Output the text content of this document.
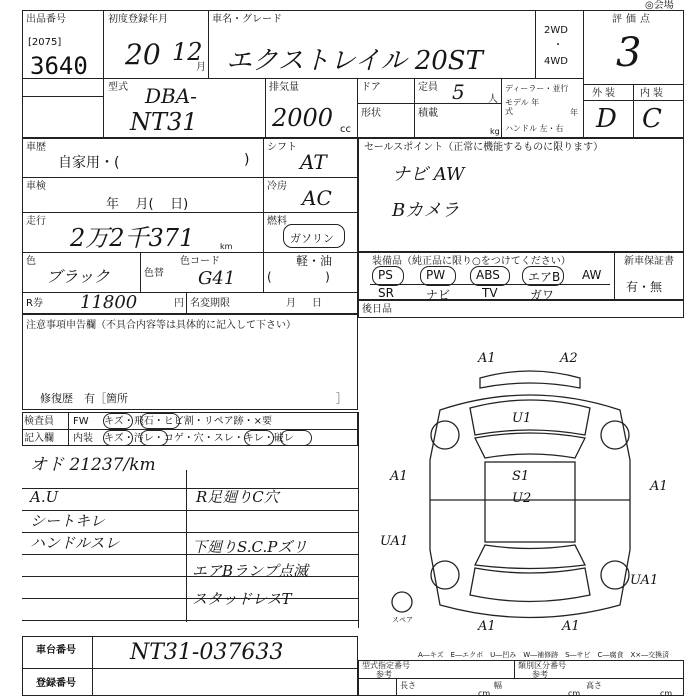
出品番号
[2075]
3640
初度登録年月
20 12
月
車名・グレード
エクストレイル 20ST
2WD
・
4WD
評価点
3
◎会場
型式 DBA-
NT31
排気量
2000 cc
ドア	定員 5 人
形状	積載
kg
ディーラー・並行
モデル 年式	年
ハンドル 左・右
外装 内装
D C
車歴
自家用・(	)
車検
年    月(    日)
走行
2万2千371	km
シフト
AT
冷房 AC
燃料
ガソリン
軽・油
(              )
色
ブラック	色替
色コード
G41
R券 11800	円 名変期限	月     日
セールスポイント（正常に機能するものに限ります）
ナビ AW
Bカメラ
装備品（純正品に限り○をつけてください）	新車保証書
有・無
PS	PW	ABS エアB AW
SR	ナビ	TV	ガワ
後日品
注意事項申告欄（不具合内容等は具体的に記入して下さい）
修復歴　有［箇所	］
検査員 FW キズ・飛石・ヒビ割・リペア跡・×要
記入欄 内装 キズ・汚レ・コゲ・穴・スレ・キレ・破レ
オド 21237/km
A.U
シートキレ
ハンドルスレ
R足廻りC穴
下廻りS.C.Pズリ
エアBランプ点滅
スタッドレスT
A1	A2
U1
S1
U2
A1
A1
UA1
UA1
A1	A1
スペア
A―キズ　E―エクボ　U―凹み　W―補修跡　S―サビ　C―腐食　X×―交換済
車台番号 NT31-037633
登録番号
型式指定番号
参考
類別区分番号
参考
長さ
cm
幅
cm
高さ
cm
